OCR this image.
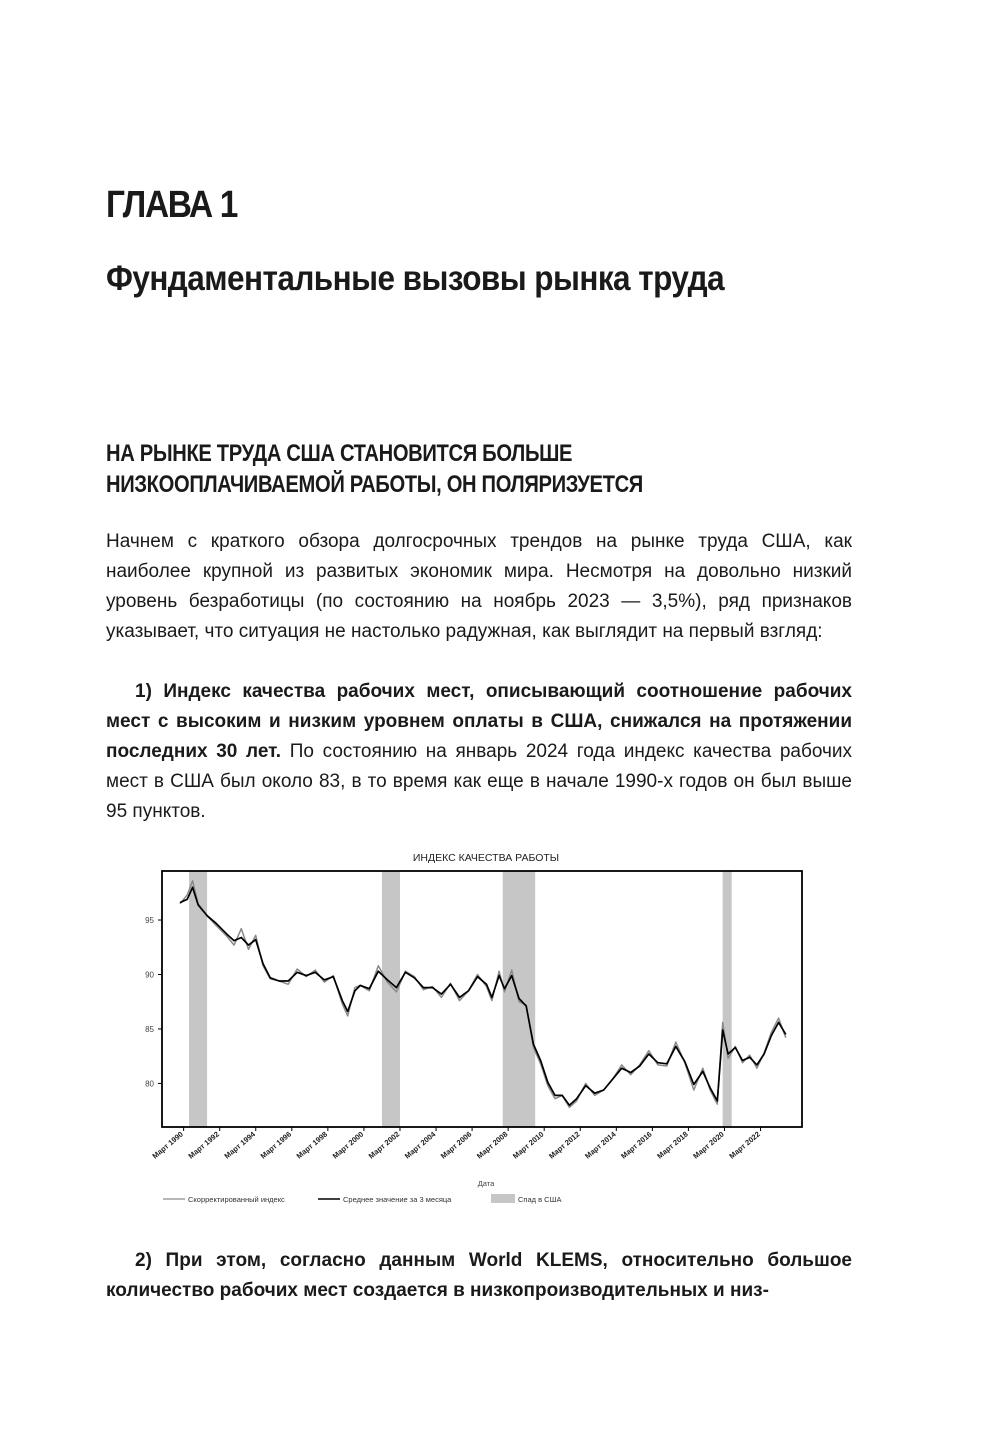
ГЛАВА 1
Фундаментальные вызовы рынка труда
НА РЫНКЕ ТРУДА США СТАНОВИТСЯ БОЛЬШЕ НИЗКООПЛАЧИВАЕМОЙ РАБОТЫ, ОН ПОЛЯРИЗУЕТСЯ

Начнем с краткого обзора долгосрочных трендов на рынке труда США, как наиболее крупной из развитых экономик мира. Несмотря на довольно низкий уровень безработицы (по состоянию на ноябрь 2023 — 3,5%), ряд признаков указывает, что ситуация не настолько радужная, как выглядит на первый взгляд:

1) Индекс качества рабочих мест, описывающий соотношение рабочих мест с высоким и низким уровнем оплаты в США, снижался на протяжении последних 30 лет. По состоянию на январь 2024 года индекс качества рабочих мест в США был около 83, в то время как еще в начале 1990-х годов он был выше 95 пунктов.

ИНДЕКС КАЧЕСТВА РАБОТЫ
80
85
90
95
Март 1990 Март 1992 Март 1994 Март 1996 Март 1998 Март 2000 Март 2002 Март 2004 Март 2006 Март 2008 Март 2010 Март 2012 Март 2014 Март 2016 Март 2018 Март 2020 Март 2022
Дата
Скорректированный индекс	Среднее значение за 3 месяца	Спад в США

2) При этом, согласно данным World KLEMS, относительно большое количество рабочих мест создается в низкопроизводительных и низ-
